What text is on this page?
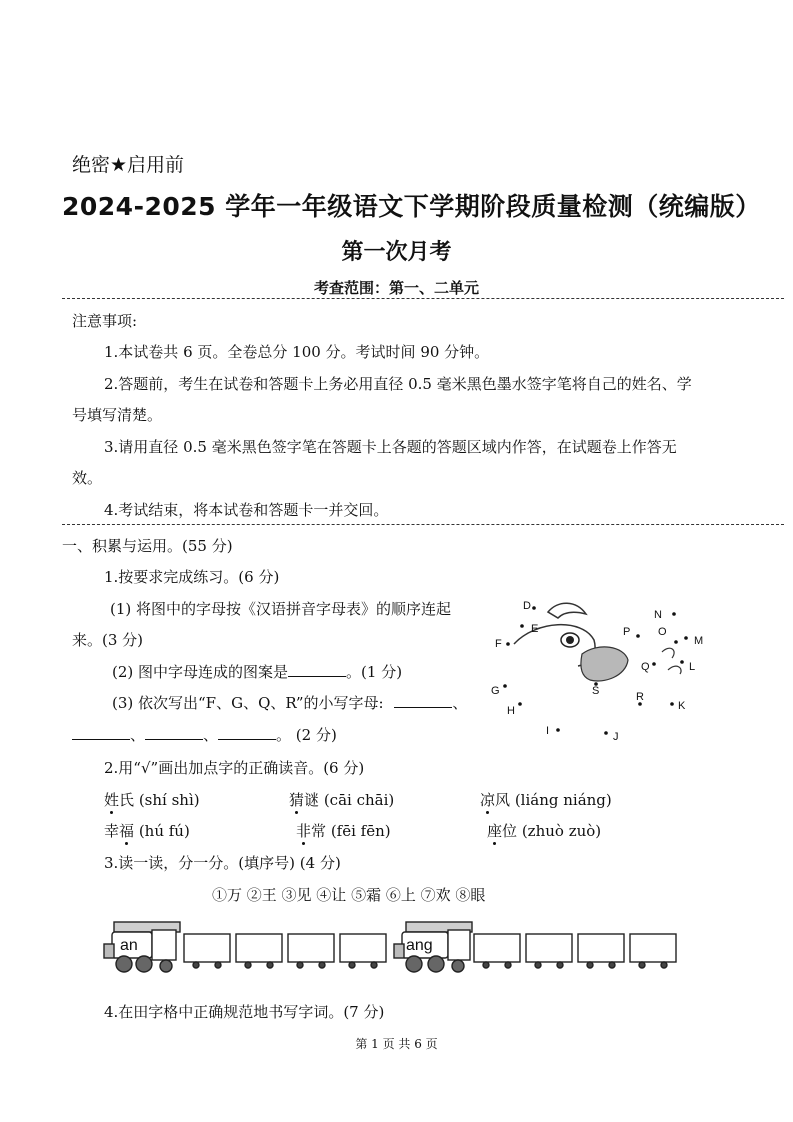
绝密★启用前
2024-2025 学年一年级语文下学期阶段质量检测（统编版）
第一次月考
考查范围：第一、二单元
注意事项:
1.本试卷共 6 页。全卷总分 100 分。考试时间 90 分钟。
2.答题前，考生在试卷和答题卡上务必用直径 0.5 毫米黑色墨水签字笔将自己的姓名、学
号填写清楚。
3.请用直径 0.5 毫米黑色签字笔在答题卡上各题的答题区域内作答，在试题卷上作答无
效。
4.考试结束，将本试卷和答题卡一并交回。
一、积累与运用。(55 分)
1.按要求完成练习。(6 分)
(1) 将图中的字母按《汉语拼音字母表》的顺序连起
来。(3 分)
(2) 图中字母连成的图案是	。(1 分)
(3) 依次写出“F、G、Q、R”的小写字母:	、
、	、	。 (2 分)
D
E
F
G
H
I	J
K
L
M
N
O
P
Q
R
S
2.用“√”画出加点字的正确读音。(6 分)
姓氏 (shí shì)	猜谜 (cāi chāi)	凉风 (liáng niáng)
幸福 (hú fú)	非常 (fēi fēn)	座位 (zhuò zuò)
3.读一读，分一分。(填序号) (4 分)
①万 ②王 ③见 ④让 ⑤霜 ⑥上 ⑦欢 ⑧眼
an	ang
4.在田字格中正确规范地书写字词。(7 分)
第 1 页 共 6 页
